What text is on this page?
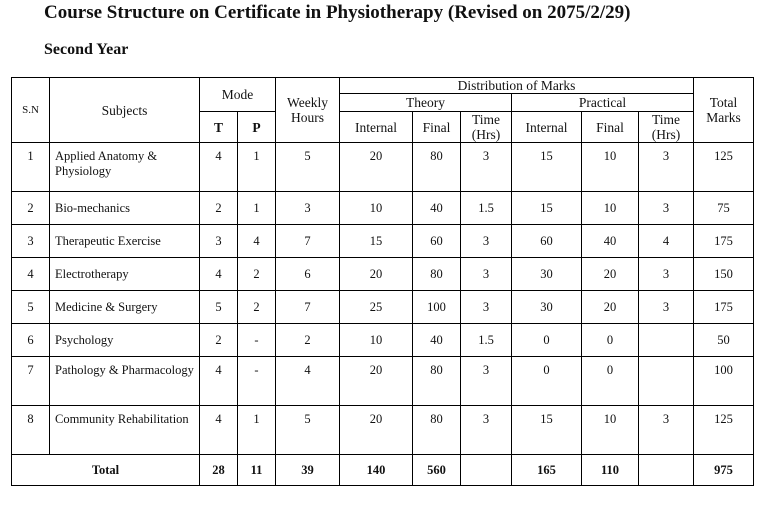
Course Structure on Certificate in Physiotherapy (Revised on 2075/2/29)
Second Year
S.N	Subjects	Mode		Weekly Hours	Distribution of Marks						Total Marks
					Theory			Practical			
		T	P		Internal	Final	Time (Hrs)	Internal	Final	Time (Hrs)	
1	Applied Anatomy & Physiology	4	1	5	20	80	3	15	10	3	125
2	Bio-mechanics	2	1	3	10	40	1.5	15	10	3	75
3	Therapeutic Exercise	3	4	7	15	60	3	60	40	4	175
4	Electrotherapy	4	2	6	20	80	3	30	20	3	150
5	Medicine & Surgery	5	2	7	25	100	3	30	20	3	175
6	Psychology	2	-	2	10	40	1.5	0	0		50
7	Pathology & Pharmacology	4	-	4	20	80	3	0	0		100
8	Community Rehabilitation	4	1	5	20	80	3	15	10	3	125
Total		28	11	39	140	560		165	110		975
